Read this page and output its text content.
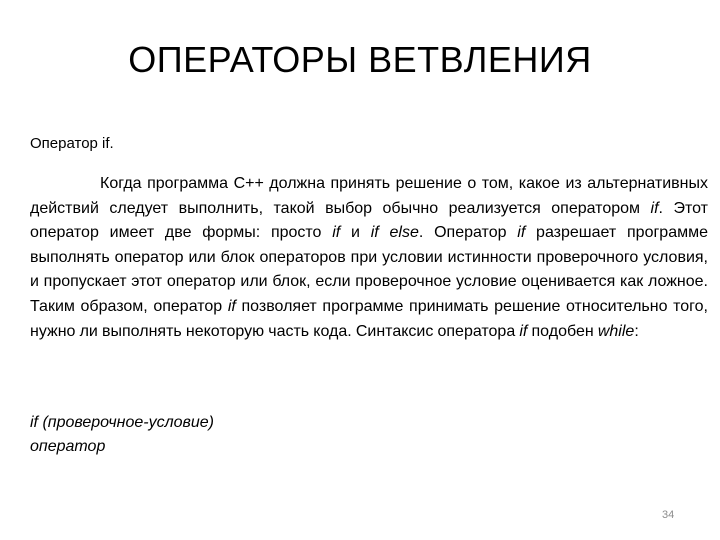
ОПЕРАТОРЫ ВЕТВЛЕНИЯ
Оператор if.

Когда программа C++ должна принять решение о том, какое из альтернативных действий следует выполнить, такой выбор обычно реализуется оператором if. Этот оператор имеет две формы: просто if и if else. Оператор if разрешает программе выполнять оператор или блок операторов при условии истинности проверочного условия, и пропускает этот оператор или блок, если проверочное условие оценивается как ложное. Таким образом, оператор if позволяет программе принимать решение относительно того, нужно ли выполнять некоторую часть кода. Синтаксис оператора if подобен while:

if (проверочное-условие)
оператор
34
